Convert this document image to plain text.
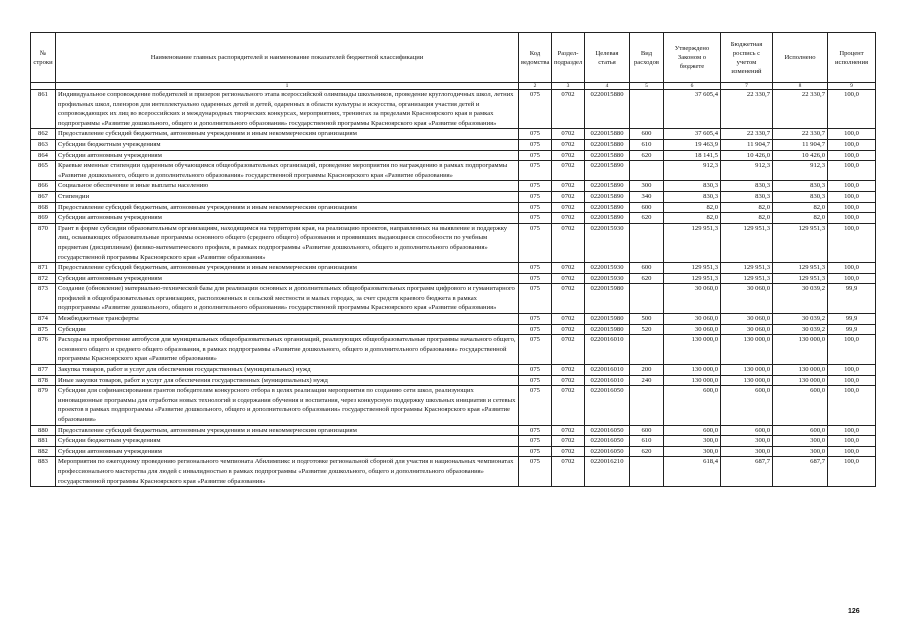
№ строки	Наименование главных распорядителей и наименование показателей бюджетной классификации	Код ведомства	Раздел- подраздел	Целевая статья	Вид расходов	Утверждено Законом о бюджете	Бюджетная роспись с учетом изменений	Исполнено	Процент исполнения
	1	2	3	4	5	6	7	8	9
861	Индивидуальное сопровождение победителей и призеров регионального этапа всероссийской олимпиады школьников, проведение круглогодичных школ, летних профильных школ, пленэров для интеллектуально одаренных детей и детей, одаренных в области культуры и искусства, организация участия детей и сопровождающих их лиц во всероссийских и международных творческих конкурсах, мероприятиях, тренингах за пределами Красноярского края в рамках подпрограммы «Развитие дошкольного, общего и дополнительного образования» государственной программы Красноярского края «Развитие образования»	075	0702	0220015880		37 605,4	22 330,7	22 330,7	100,0
862	Предоставление субсидий бюджетным, автономным учреждениям и иным некоммерческим организациям	075	0702	0220015880	600	37 605,4	22 330,7	22 330,7	100,0
863	Субсидии бюджетным учреждениям	075	0702	0220015880	610	19 463,9	11 904,7	11 904,7	100,0
864	Субсидии автономным учреждениям	075	0702	0220015880	620	18 141,5	10 426,0	10 426,0	100,0
865	Краевые именные стипендии одаренным обучающимся общеобразовательных организаций, проведение мероприятия по награждению в рамках подпрограммы «Развитие дошкольного, общего и дополнительного образования» государственной программы Красноярского края «Развитие образования»	075	0702	0220015890		912,3	912,3	912,3	100,0
866	Социальное обеспечение и иные выплаты населению	075	0702	0220015890	300	830,3	830,3	830,3	100,0
867	Стипендии	075	0702	0220015890	340	830,3	830,3	830,3	100,0
868	Предоставление субсидий бюджетным, автономным учреждениям и иным некоммерческим организациям	075	0702	0220015890	600	82,0	82,0	82,0	100,0
869	Субсидии автономным учреждениям	075	0702	0220015890	620	82,0	82,0	82,0	100,0
870	Грант в форме субсидии образовательным организациям, находящимся на территории края, на реализацию проектов, направленных на выявление и поддержку лиц, осваивающих образовательные программы основного общего (среднего общего) образования и проявивших выдающиеся способности по учебным предметам (дисциплинам) физико-математического профиля, в рамках подпрограммы «Развитие дошкольного, общего и дополнительного образования» государственной программы Красноярского края «Развитие образования»	075	0702	0220015930		129 951,3	129 951,3	129 951,3	100,0
871	Предоставление субсидий бюджетным, автономным учреждениям и иным некоммерческим организациям	075	0702	0220015930	600	129 951,3	129 951,3	129 951,3	100,0
872	Субсидии автономным учреждениям	075	0702	0220015930	620	129 951,3	129 951,3	129 951,3	100,0
873	Создание (обновление) материально-технической базы для реализации основных и дополнительных общеобразовательных программ цифрового и гуманитарного профилей в общеобразовательных организациях, расположенных в сельской местности и малых городах, за счет средств краевого бюджета в рамках подпрограммы «Развитие дошкольного, общего и дополнительного образования» государственной программы Красноярского края «Развитие образования»	075	0702	0220015980		30 060,0	30 060,0	30 039,2	99,9
874	Межбюджетные трансферты	075	0702	0220015980	500	30 060,0	30 060,0	30 039,2	99,9
875	Субсидии	075	0702	0220015980	520	30 060,0	30 060,0	30 039,2	99,9
876	Расходы на приобретение автобусов для муниципальных общеобразовательных организаций, реализующих общеобразовательные программы начального общего, основного общего и среднего общего образования, в рамках подпрограммы «Развитие дошкольного, общего и дополнительного образования» государственной программы Красноярского края «Развитие образования»	075	0702	0220016010		130 000,0	130 000,0	130 000,0	100,0
877	Закупка товаров, работ и услуг для обеспечения государственных (муниципальных) нужд	075	0702	0220016010	200	130 000,0	130 000,0	130 000,0	100,0
878	Иные закупки товаров, работ и услуг для обеспечения государственных (муниципальных) нужд	075	0702	0220016010	240	130 000,0	130 000,0	130 000,0	100,0
879	Субсидии для софинансирования грантов победителям конкурсного отбора в целях реализации мероприятия по созданию сети школ, реализующих инновационные программы для отработки новых технологий и содержания обучения и воспитания, через конкурсную поддержку школьных инициатив и сетевых проектов в рамках подпрограммы «Развитие дошкольного, общего и дополнительного образования» государственной программы Красноярского края «Развитие образования»	075	0702	0220016050		600,0	600,0	600,0	100,0
880	Предоставление субсидий бюджетным, автономным учреждениям и иным некоммерческим организациям	075	0702	0220016050	600	600,0	600,0	600,0	100,0
881	Субсидии бюджетным учреждениям	075	0702	0220016050	610	300,0	300,0	300,0	100,0
882	Субсидии автономным учреждениям	075	0702	0220016050	620	300,0	300,0	300,0	100,0
883	Мероприятия по ежегодному проведению регионального чемпионата Абилимпикс и подготовке региональной сборной для участия в национальных чемпионатах профессионального мастерства для людей с инвалидностью в рамках подпрограммы «Развитие дошкольного, общего и дополнительного образования» государственной программы Красноярского края «Развитие образования»	075	0702	0220016210		618,4	687,7	687,7	100,0
126
